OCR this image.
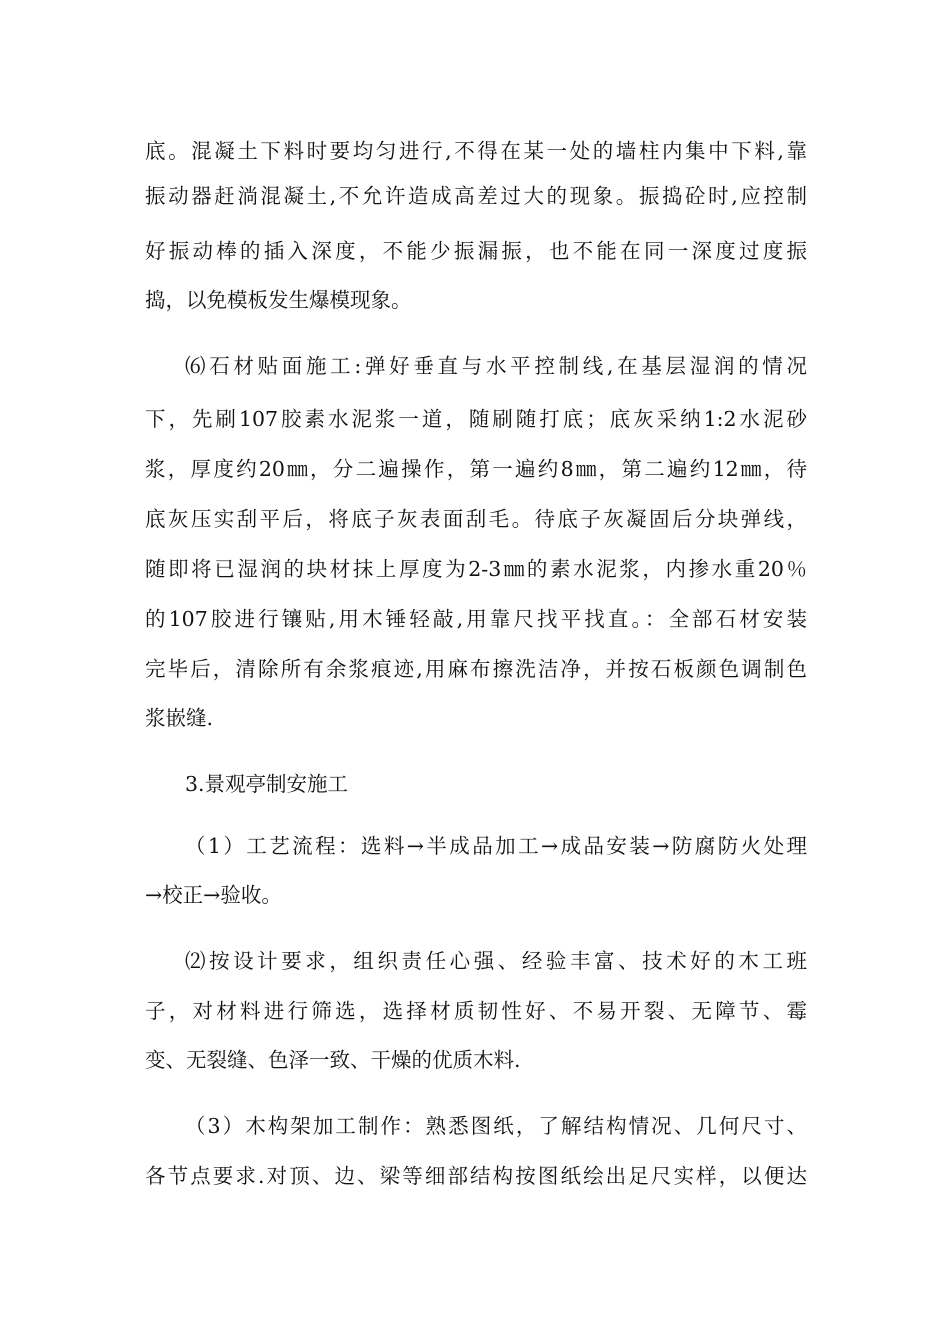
底。混凝土下料时要均匀进行,不得在某一处的墙柱内集中下料,靠
振动器赶淌混凝土,不允许造成高差过大的现象。振捣砼时,应控制
好振动棒的插入深度，不能少振漏振，也不能在同一深度过度振
捣，以免模板发生爆模现象。
⑹石材贴面施工:弹好垂直与水平控制线,在基层湿润的情况
下，先刷107胶素水泥浆一道，随刷随打底；底灰采纳1:2水泥砂
浆，厚度约20㎜，分二遍操作，第一遍约8㎜，第二遍约12㎜，待
底灰压实刮平后，将底子灰表面刮毛。待底子灰凝固后分块弹线，
随即将已湿润的块材抹上厚度为2-3㎜的素水泥浆，内掺水重20％
的107胶进行镶贴,用木锤轻敲,用靠尺找平找直。：全部石材安装
完毕后，清除所有余浆痕迹,用麻布擦洗洁净，并按石板颜色调制色
浆嵌缝.
3.景观亭制安施工
（1）工艺流程：选料→半成品加工→成品安装→防腐防火处理
→校正→验收。
⑵按设计要求，组织责任心强、经验丰富、技术好的木工班
子，对材料进行筛选，选择材质韧性好、不易开裂、无障节、霉
变、无裂缝、色泽一致、干燥的优质木料.
（3）木构架加工制作：熟悉图纸，了解结构情况、几何尺寸、
各节点要求.对顶、边、梁等细部结构按图纸绘出足尺实样，以便达
